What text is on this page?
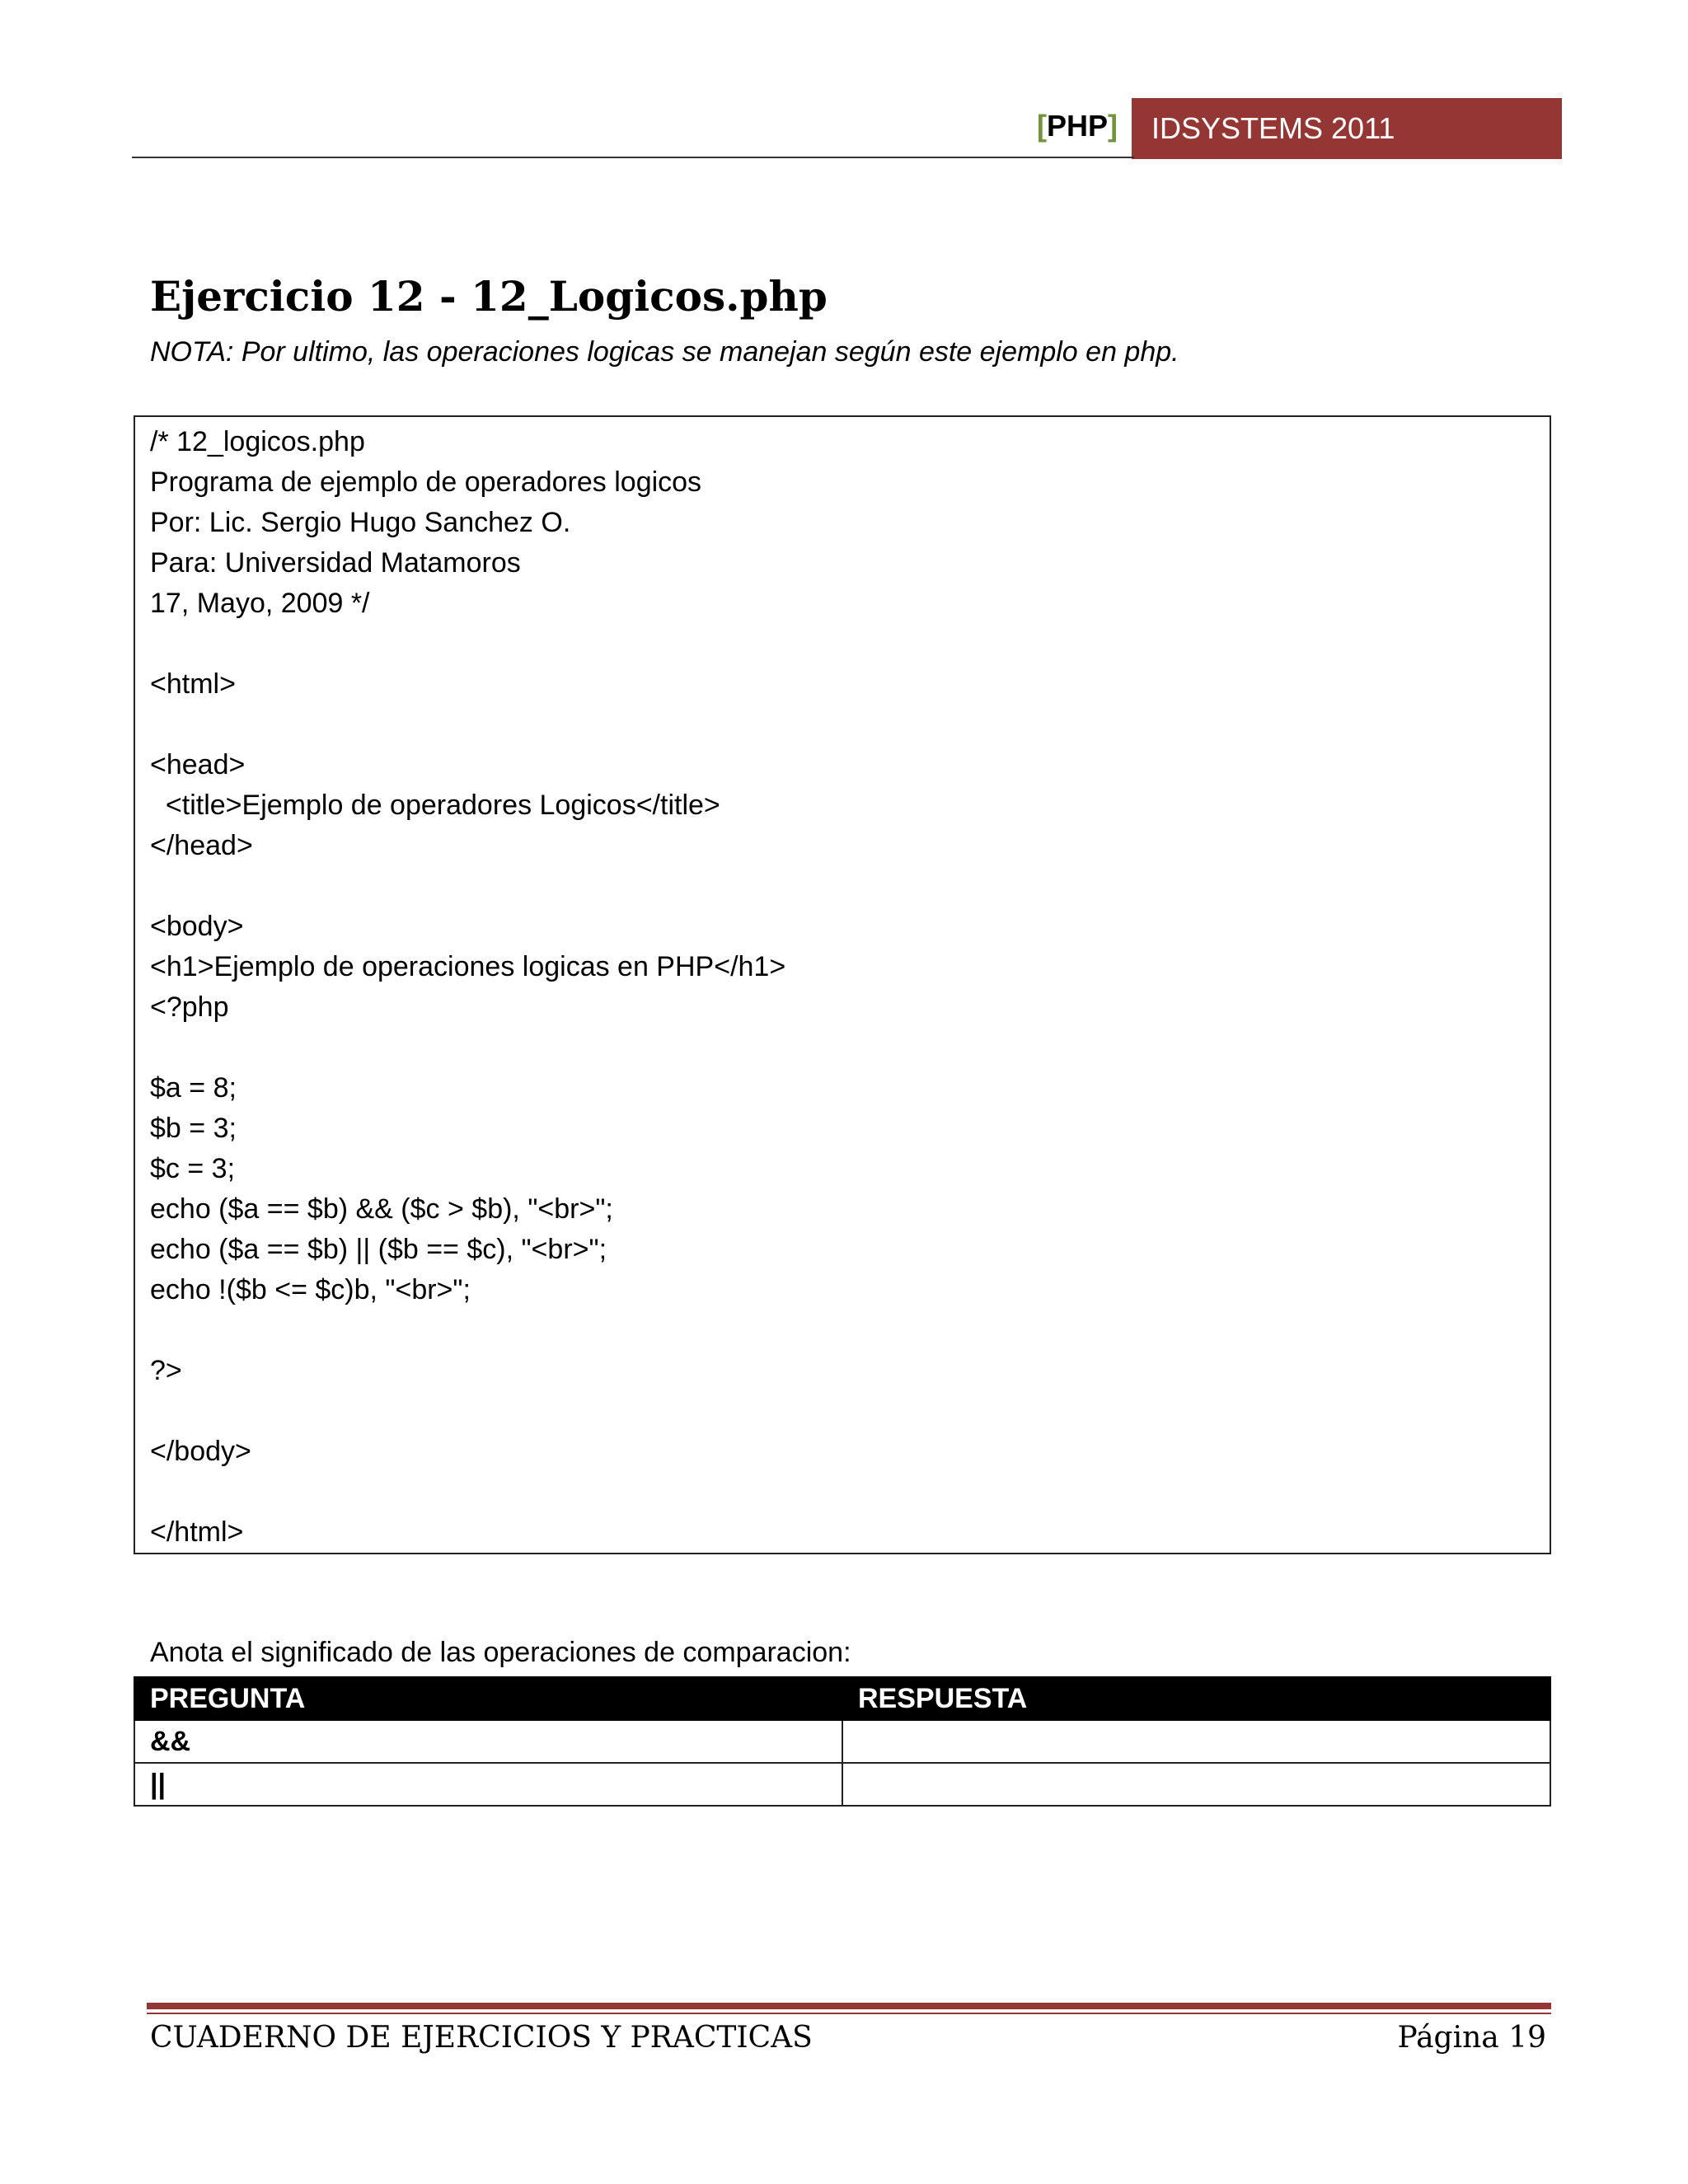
[PHP] IDSYSTEMS 2011
Ejercicio 12 - 12_Logicos.php
NOTA: Por ultimo, las operaciones logicas se manejan según este ejemplo en php.
/* 12_logicos.php
Programa de ejemplo de operadores logicos
Por: Lic. Sergio Hugo Sanchez O.
Para: Universidad Matamoros
17, Mayo, 2009 */
<html>
<head>
<title>Ejemplo de operadores Logicos</title>
</head>
<body>
<h1>Ejemplo de operaciones logicas en PHP</h1>
<?php
$a = 8;
$b = 3;
$c = 3;
echo ($a == $b) && ($c > $b), "<br>";
echo ($a == $b) || ($b == $c), "<br>";
echo !($b <= $c)b, "<br>";
?>
</body>
</html>
Anota el significado de las operaciones de comparacion:
PREGUNTA	RESPUESTA
&&	
||	
CUADERNO DE EJERCICIOS Y PRACTICAS	Página 19
